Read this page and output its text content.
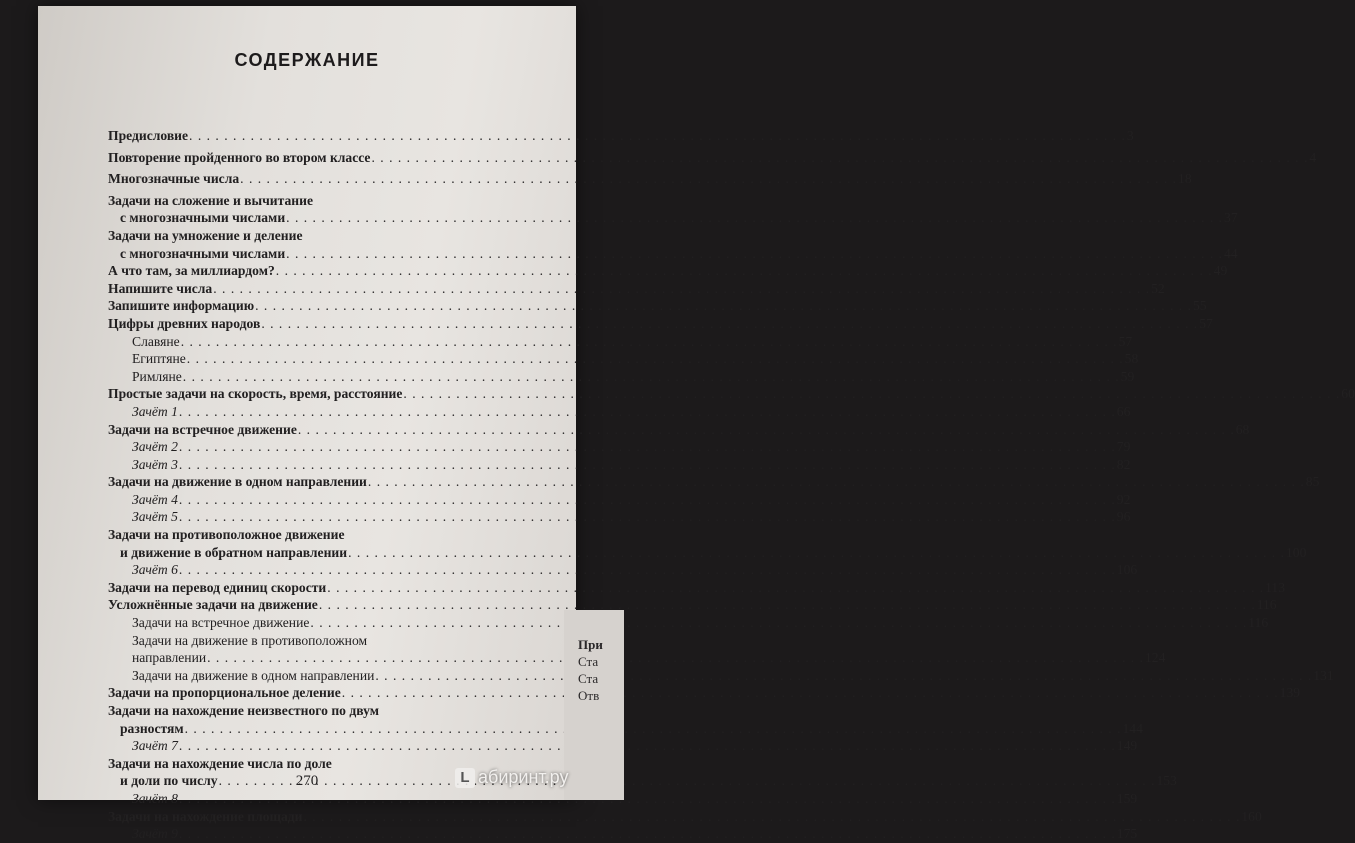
СОДЕРЖАНИЕ
Предисловие . . .	3
Повторение пройденного во втором классе . . .	4
Многозначные числа . . .	18
Задачи на сложение и вычитание
с многозначными числами . . .	37
Задачи на умножение и деление
с многозначными числами . . .	44
А что там, за миллиардом? . . .	49
Напишите числа . . .	52
Запишите информацию . . .	55
Цифры древних народов . . .	57
Славяне . . .	57
Египтяне . . .	58
Римляне . . .	59
Простые задачи на скорость, время, расстояние . . .	60
Зачёт 1 . . .	66
Задачи на встречное движение . . .	68
Зачёт 2 . . .	79
Зачёт 3 . . .	82
Задачи на движение в одном направлении . . .	85
Зачёт 4 . . .	92
Зачёт 5 . . .	96
Задачи на противоположное движение
и движение в обратном направлении . . .	100
Зачёт 6 . . .	106
Задачи на перевод единиц скорости . . .	113
Усложнённые задачи на движение . . .	116
Задачи на встречное движение . . .	116
Задачи на движение в противоположном
направлении . . .	124
Задачи на движение в одном направлении . . .	131
Задачи на пропорциональное деление . . .	139
Задачи на нахождение неизвестного по двум
разностям . . .	144
Зачёт 7 . . .	149
Задачи на нахождение числа по доле
и доли по числу . . .	153
Зачёт 8 . . .	159
Задачи на нахождение площади . . .	160
Зачёт 9 . . .	175
270
При
Ста
Ста
Отв
L абиринт.ру
